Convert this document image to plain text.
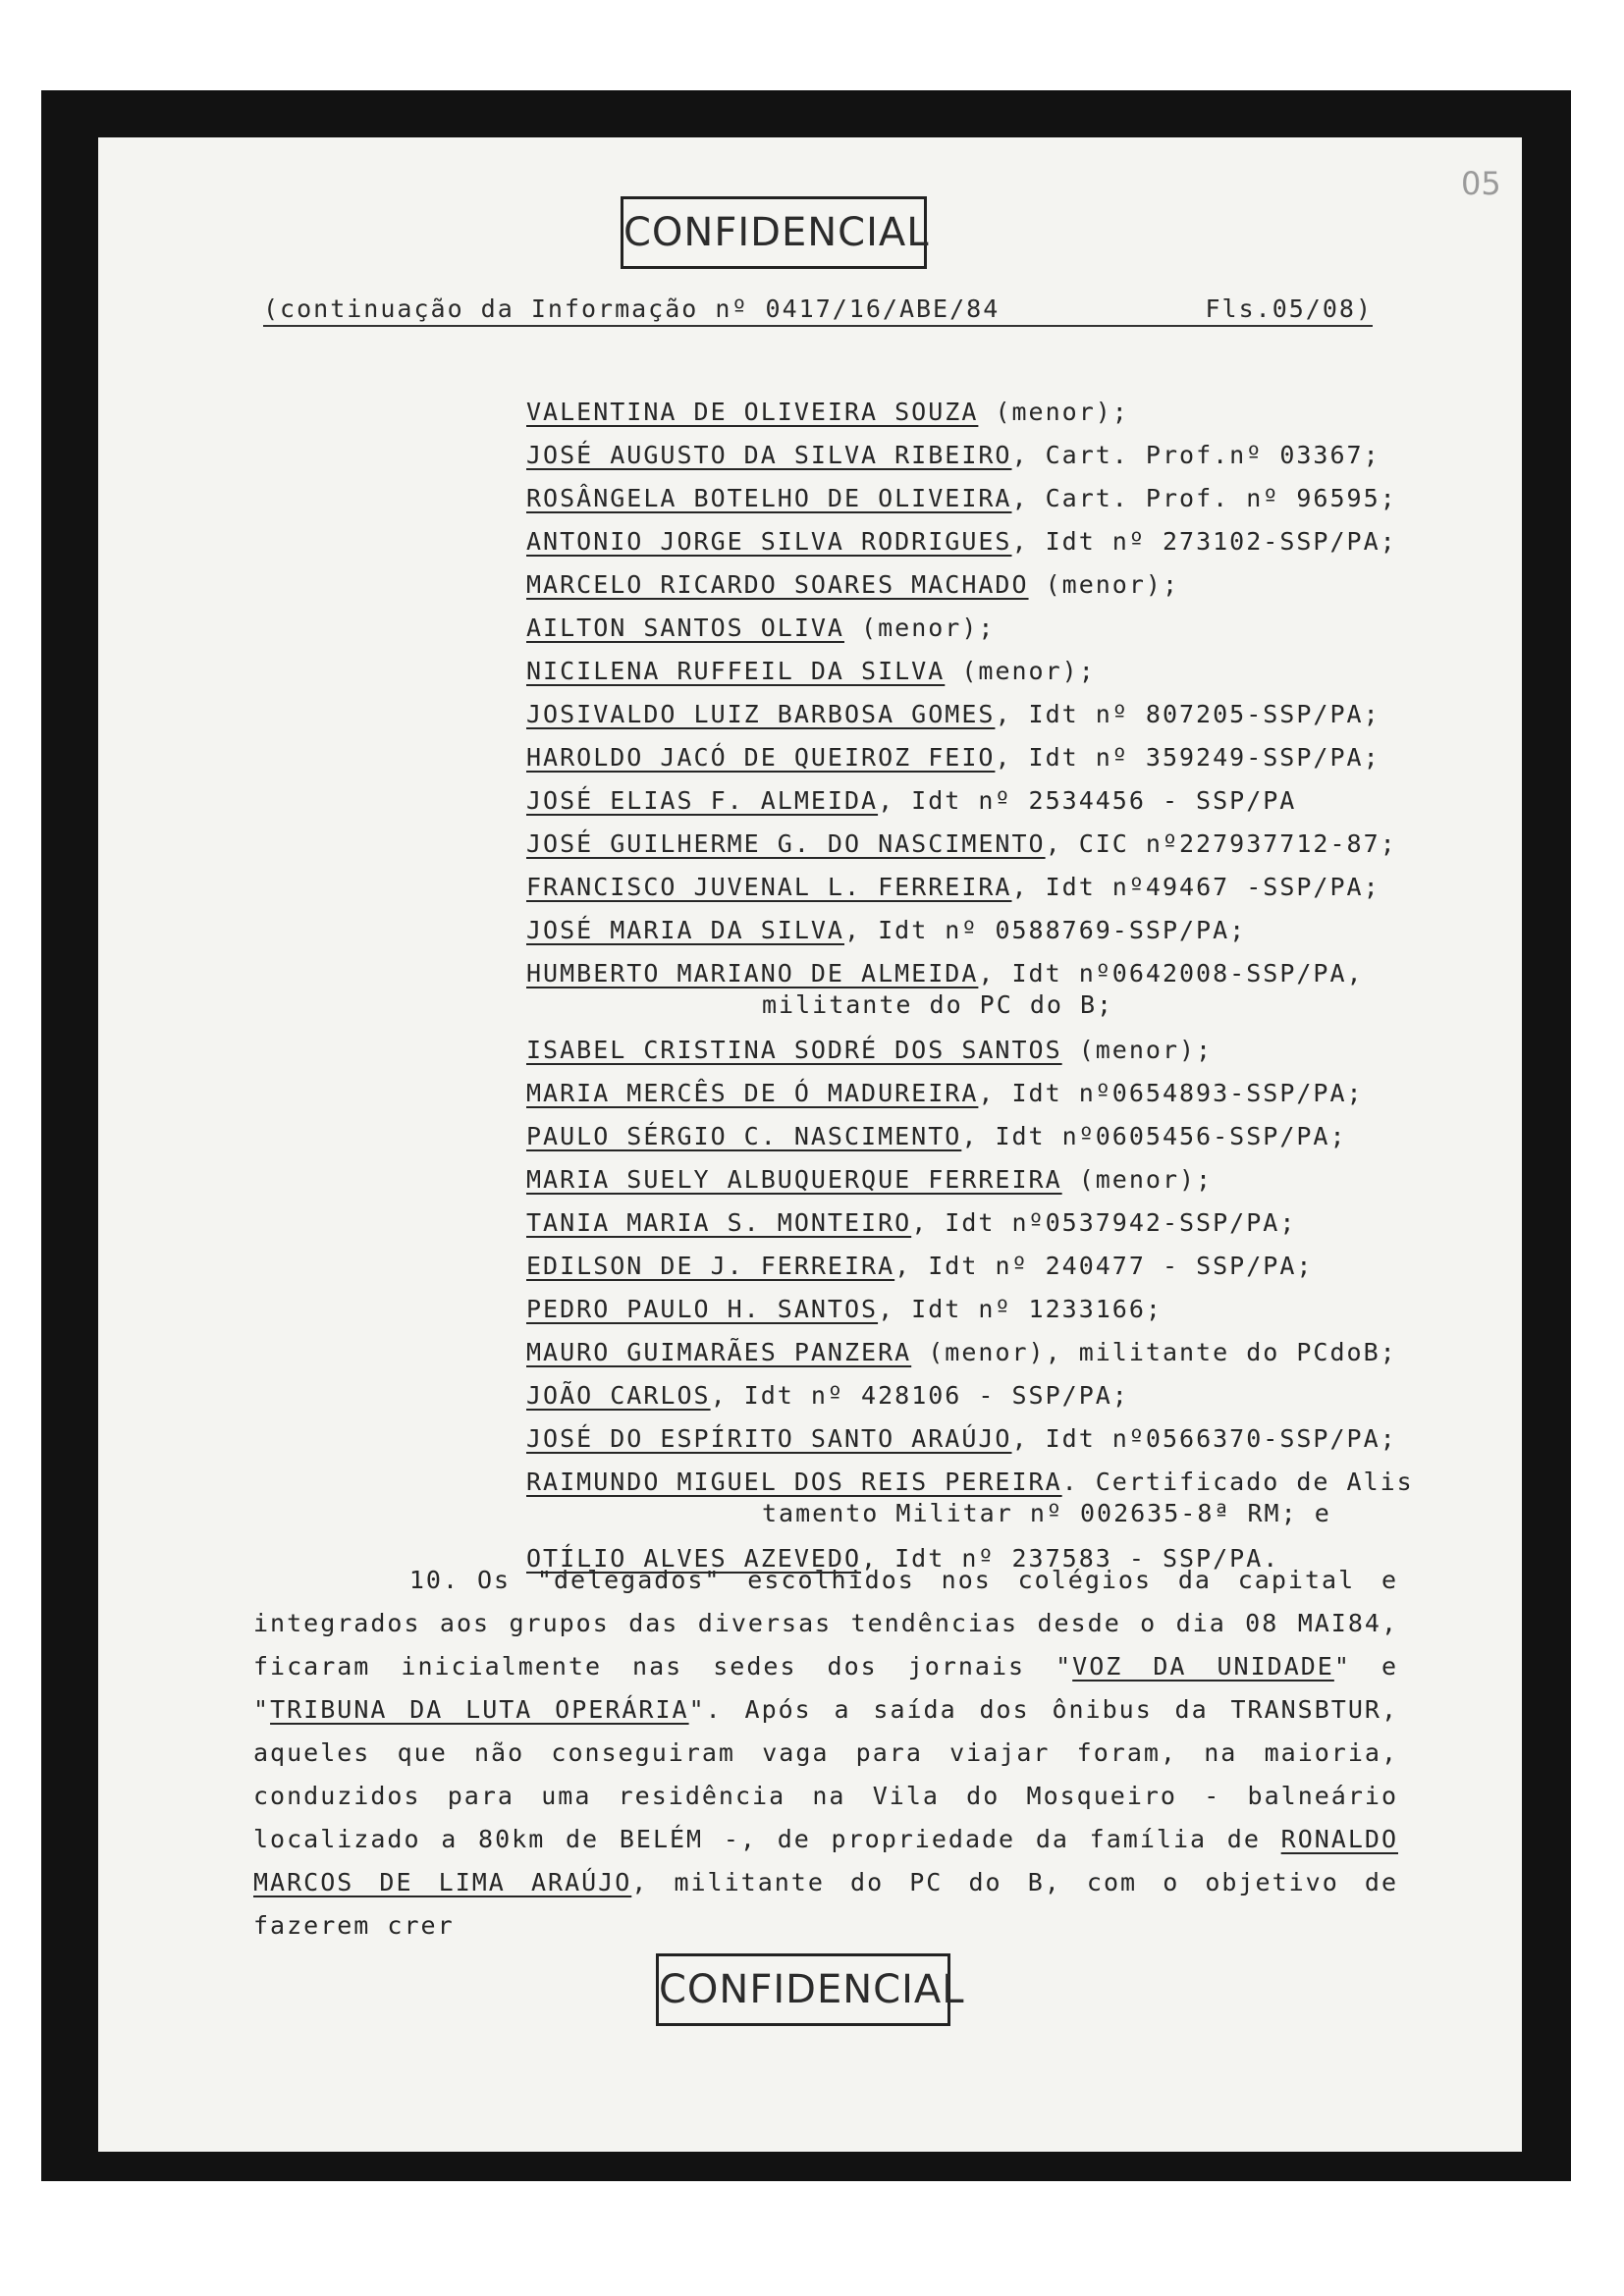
05
CONFIDENCIAL
(continuação da Informação nº 0417/16/ABE/84	Fls.05/08)
VALENTINA DE OLIVEIRA SOUZA (menor);
JOSÉ AUGUSTO DA SILVA RIBEIRO, Cart. Prof.nº 03367;
ROSÂNGELA BOTELHO DE OLIVEIRA, Cart. Prof. nº 96595;
ANTONIO JORGE SILVA RODRIGUES, Idt nº 273102-SSP/PA;
MARCELO RICARDO SOARES MACHADO (menor);
AILTON SANTOS OLIVA (menor);
NICILENA RUFFEIL DA SILVA (menor);
JOSIVALDO LUIZ BARBOSA GOMES, Idt nº 807205-SSP/PA;
HAROLDO JACÓ DE QUEIROZ FEIO, Idt nº 359249-SSP/PA;
JOSÉ ELIAS F. ALMEIDA, Idt nº 2534456 - SSP/PA
JOSÉ GUILHERME G. DO NASCIMENTO, CIC nº227937712-87;
FRANCISCO JUVENAL L. FERREIRA, Idt nº49467 -SSP/PA;
JOSÉ MARIA DA SILVA, Idt nº 0588769-SSP/PA;
HUMBERTO MARIANO DE ALMEIDA, Idt nº0642008-SSP/PA,
militante do PC do B;
ISABEL CRISTINA SODRÉ DOS SANTOS (menor);
MARIA MERCÊS DE Ó MADUREIRA, Idt nº0654893-SSP/PA;
PAULO SÉRGIO C. NASCIMENTO, Idt nº0605456-SSP/PA;
MARIA SUELY ALBUQUERQUE FERREIRA (menor);
TANIA MARIA S. MONTEIRO, Idt nº0537942-SSP/PA;
EDILSON DE J. FERREIRA, Idt nº 240477 - SSP/PA;
PEDRO PAULO H. SANTOS, Idt nº 1233166;
MAURO GUIMARÃES PANZERA (menor), militante do PCdoB;
JOÃO CARLOS, Idt nº 428106 - SSP/PA;
JOSÉ DO ESPÍRITO SANTO ARAÚJO, Idt nº0566370-SSP/PA;
RAIMUNDO MIGUEL DOS REIS PEREIRA. Certificado de Alis
tamento Militar nº 002635-8ª RM; e
OTÍLIO ALVES AZEVEDO, Idt nº 237583 - SSP/PA.
10. Os "delegados" escolhidos nos colégios da capital e integrados aos grupos das diversas tendências desde o dia 08 MAI84, ficaram inicialmente nas sedes dos jornais "VOZ DA UNIDADE" e "TRIBUNA DA LUTA OPERÁRIA". Após a saída dos ônibus da TRANSBTUR, aqueles que não conseguiram vaga para viajar foram, na maioria, conduzidos para uma residência na Vila do Mosqueiro - balneário localizado a 80km de BELÉM -, de propriedade da família de RONALDO MARCOS DE LIMA ARAÚJO, militante do PC do B, com o objetivo de fazerem crer
CONFIDENCIAL
